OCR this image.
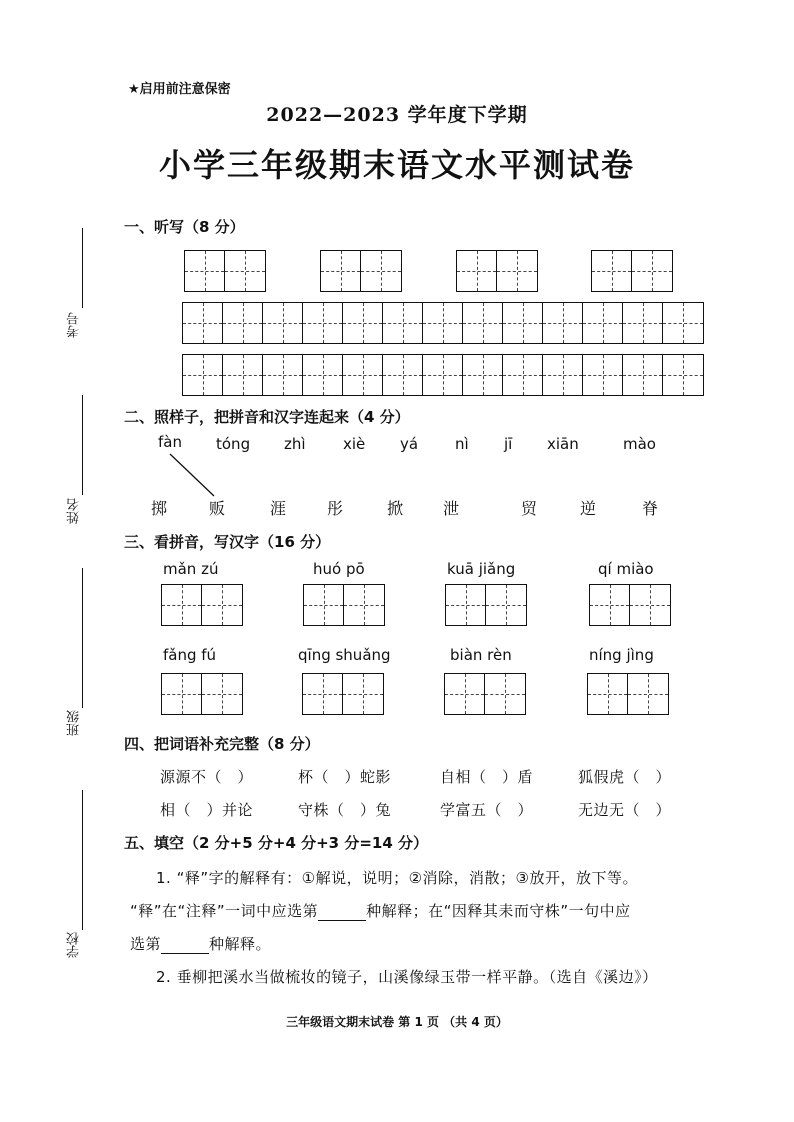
★启用前注意保密
2022—2023 学年度下学期
小学三年级期末语文水平测试卷
考号
姓名
班级
学校
一、听写（8 分）
二、照样子，把拼音和汉字连起来（4 分）
fàn tóng zhì xiè yá nì jī xiān	mào
掷	贩	涯	彤	掀 泄	贸	逆	脊
三、看拼音，写汉字（16 分）
mǎn zú	huó pō	kuā jiǎng	qí miào
fǎng fú	qīng shuǎng	biàn rèn	níng jìng
四、把词语补充完整（8 分）
源源不（　）	杯（　）蛇影	自相（　）盾	狐假虎（　）
相（　）并论	守株（　）兔	学富五（　）	无边无（　）
五、填空（2 分+5 分+4 分+3 分=14 分）
1. “释”字的解释有：①解说，说明；②消除，消散；③放开，放下等。
“释”在“注释”一词中应选第	种解释；在“因释其耒而守株”一句中应
选第	种解释。
2. 垂柳把溪水当做梳妆的镜子，山溪像绿玉带一样平静。（选自《溪边》）
三年级语文期末试卷 第 1 页 （共 4 页）
